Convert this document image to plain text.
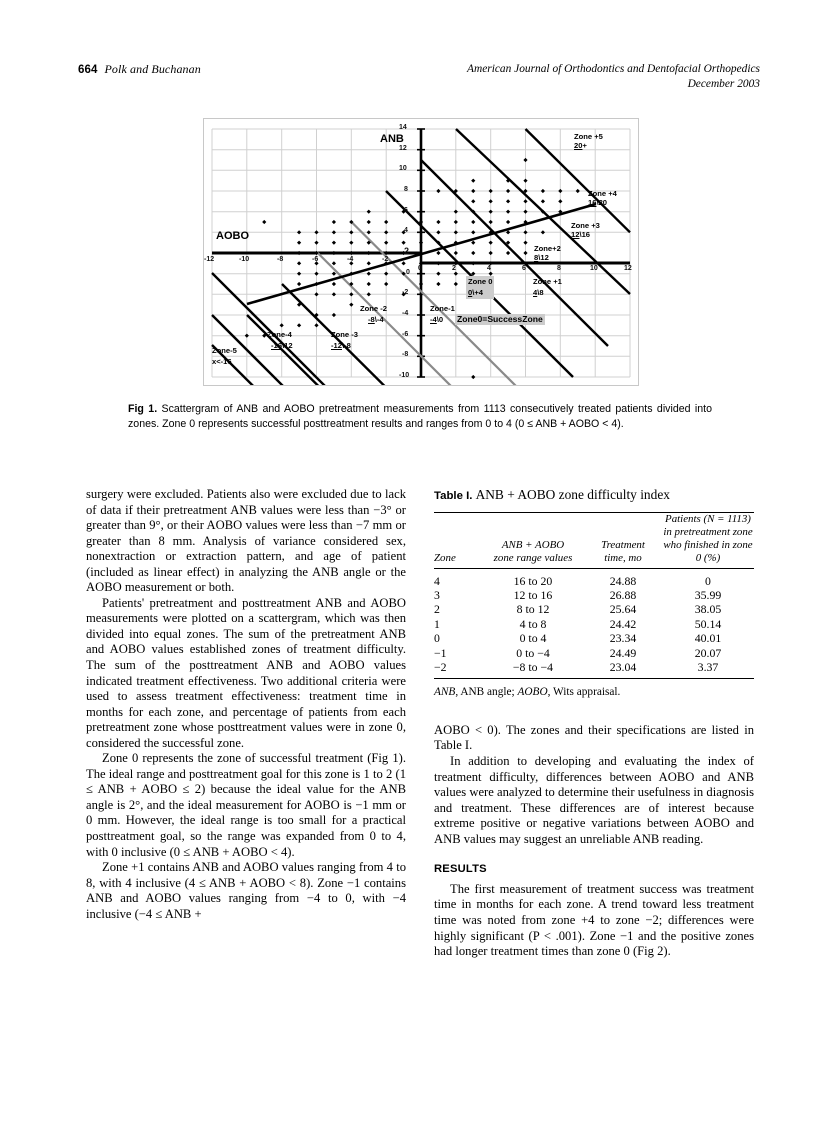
664 Polk and Buchanan	American Journal of Orthodontics and Dentofacial Orthopedics
December 2003
ANB
AOBO
14
12
10
8
6
4
2
0
-2
-4
-6
-8
-10
-12	-10	-8	-6	-4	-2
0	2	4	6	8	10	12
Zone +5
20+
Zone +4
16\20
Zone +3
12\16
Zone+2
8\12
Zone +1
4\8
Zone 0
0\+4
Zone-1
-4\0
Zone -2
-8\-4
Zone -3
-12\-8
Zone-4
-16\12
Zone-5
x<-16
Zone0=SuccessZone
Fig 1. Scattergram of ANB and AOBO pretreatment measurements from 1113 consecutively treated patients divided into zones. Zone 0 represents successful posttreatment results and ranges from 0 to 4 (0 ≤ ANB + AOBO < 4).

surgery were excluded. Patients also were excluded due to lack of data if their pretreatment ANB values were less than −3° or greater than 9°, or their AOBO values were less than −7 mm or greater than 8 mm. Analysis of variance considered sex, nonextraction or extraction pattern, and age of patient (included as linear effect) in analyzing the ANB angle or the AOBO measurement or both.

Patients' pretreatment and posttreatment ANB and AOBO measurements were plotted on a scattergram, which was then divided into equal zones. The sum of the pretreatment ANB and AOBO values established zones of treatment difficulty. The sum of the posttreatment ANB and AOBO values indicated treatment effectiveness. Two additional criteria were used to assess treatment effectiveness: treatment time in months for each zone, and percentage of patients from each pretreatment zone whose posttreatment values were in zone 0, considered the successful zone.

Zone 0 represents the zone of successful treatment (Fig 1). The ideal range and posttreatment goal for this zone is 1 to 2 (1 ≤ ANB + AOBO ≤ 2) because the ideal value for the ANB angle is 2°, and the ideal measurement for AOBO is −1 mm or 0 mm. However, the ideal range is too small for a practical posttreatment goal, so the range was expanded from 0 to 4, with 0 inclusive (0 ≤ ANB + AOBO < 4).

Zone +1 contains ANB and AOBO values ranging from 4 to 8, with 4 inclusive (4 ≤ ANB + AOBO < 8). Zone −1 contains ANB and AOBO values ranging from −4 to 0, with −4 inclusive (−4 ≤ ANB +

Table I. ANB + AOBO zone difficulty index
Zone	
ANB + AOBO
zone range values

Treatment
time, mo

Patients (N = 1113)
in pretreatment zone
who finished in zone
0 (%)

4	16 to 20	24.88	0
3	12 to 16	26.88	35.99
2	8 to 12	25.64	38.05
1	4 to 8	24.42	50.14
0	0 to 4	23.34	40.01
−1	0 to −4	24.49	20.07
−2	−8 to −4	23.04	3.37
ANB, ANB angle; AOBO, Wits appraisal.

AOBO < 0). The zones and their specifications are listed in Table I.

In addition to developing and evaluating the index of treatment difficulty, differences between AOBO and ANB values were analyzed to determine their usefulness in diagnosis and treatment. These differences are of interest because extreme positive or negative variations between AOBO and ANB values may suggest an unreliable ANB reading.

RESULTS

The first measurement of treatment success was treatment time in months for each zone. A trend toward less treatment time was noted from zone +4 to zone −2; differences were highly significant (P < .001). Zone −1 and the positive zones had longer treatment times than zone 0 (Fig 2).
